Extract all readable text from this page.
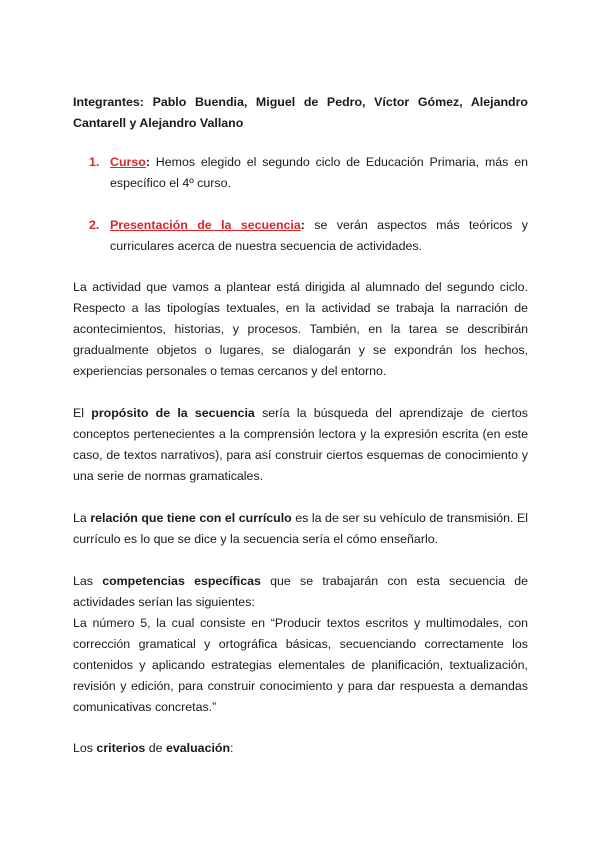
Integrantes: Pablo Buendia, Miguel de Pedro, Víctor Gómez, Alejandro Cantarell y Alejandro Vallano
1. Curso: Hemos elegido el segundo ciclo de Educación Primaria, más en específico el 4º curso.
2. Presentación de la secuencia: se verán aspectos más teóricos y curriculares acerca de nuestra secuencia de actividades.
La actividad que vamos a plantear está dirigida al alumnado del segundo ciclo. Respecto a las tipologías textuales, en la actividad se trabaja la narración de acontecimientos, historias, y procesos. También, en la tarea se describirán gradualmente objetos o lugares, se dialogarán y se expondrán los hechos, experiencias personales o temas cercanos y del entorno.
El propósito de la secuencia sería la búsqueda del aprendizaje de ciertos conceptos pertenecientes a la comprensión lectora y la expresión escrita (en este caso, de textos narrativos), para así construir ciertos esquemas de conocimiento y una serie de normas gramaticales.
La relación que tiene con el currículo es la de ser su vehículo de transmisión. El currículo es lo que se dice y la secuencia sería el cómo enseñarlo.
Las competencias específicas que se trabajarán con esta secuencia de actividades serían las siguientes:
La número 5, la cual consiste en “Producir textos escritos y multimodales, con corrección gramatical y ortográfica básicas, secuenciando correctamente los contenidos y aplicando estrategias elementales de planificación, textualización, revisión y edición, para construir conocimiento y para dar respuesta a demandas comunicativas concretas.”
Los criterios de evaluación:
